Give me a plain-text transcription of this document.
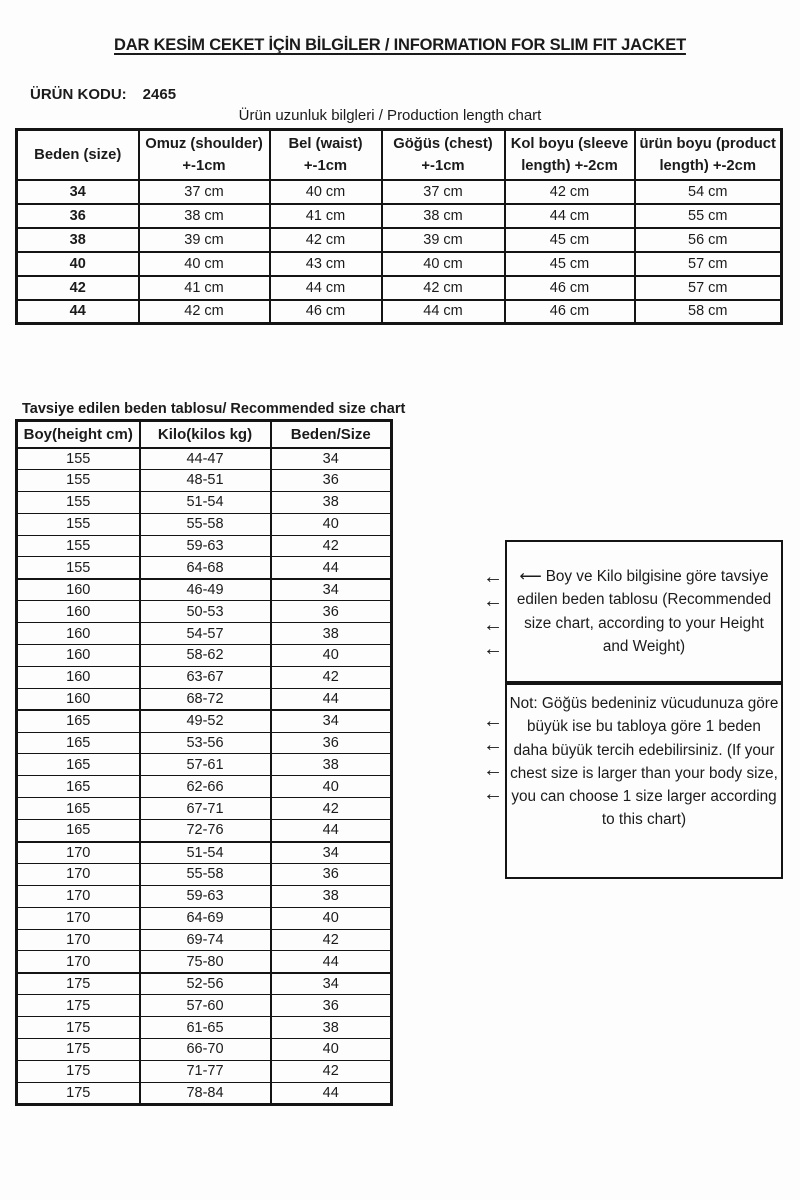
DAR KESİM CEKET İÇİN BİLGİLER / INFORMATION FOR SLIM FIT JACKET
ÜRÜN KODU: 2465
Ürün uzunluk bilgleri / Production length chart
Beden (size)	Omuz (shoulder) +-1cm	Bel (waist) +-1cm	Göğüs (chest) +-1cm	Kol boyu (sleeve length) +-2cm	ürün boyu (product length) +-2cm
34	37 cm	40 cm	37 cm	42 cm	54 cm
36	38 cm	41 cm	38 cm	44 cm	55 cm
38	39 cm	42 cm	39 cm	45 cm	56 cm
40	40 cm	43 cm	40 cm	45 cm	57 cm
42	41 cm	44 cm	42 cm	46 cm	57 cm
44	42 cm	46 cm	44 cm	46 cm	58 cm
Tavsiye edilen beden tablosu/ Recommended size chart
Boy(height cm)	Kilo(kilos kg)	Beden/Size
155	44-47	34
155	48-51	36
155	51-54	38
155	55-58	40
155	59-63	42
155	64-68	44
160	46-49	34
160	50-53	36
160	54-57	38
160	58-62	40
160	63-67	42
160	68-72	44
165	49-52	34
165	53-56	36
165	57-61	38
165	62-66	40
165	67-71	42
165	72-76	44
170	51-54	34
170	55-58	36
170	59-63	38
170	64-69	40
170	69-74	42
170	75-80	44
175	52-56	34
175	57-60	36
175	61-65	38
175	66-70	40
175	71-77	42
175	78-84	44
←
←
←
←
←
←
←
←
⟵ Boy ve Kilo bilgisine göre tavsiye edilen beden tablosu (Recommended size chart, according to your Height and Weight)
Not: Göğüs bedeniniz vücudunuza göre büyük ise bu tabloya göre 1 beden daha büyük tercih edebilirsiniz. (If your chest size is larger than your body size, you can choose 1 size larger according to this chart)
